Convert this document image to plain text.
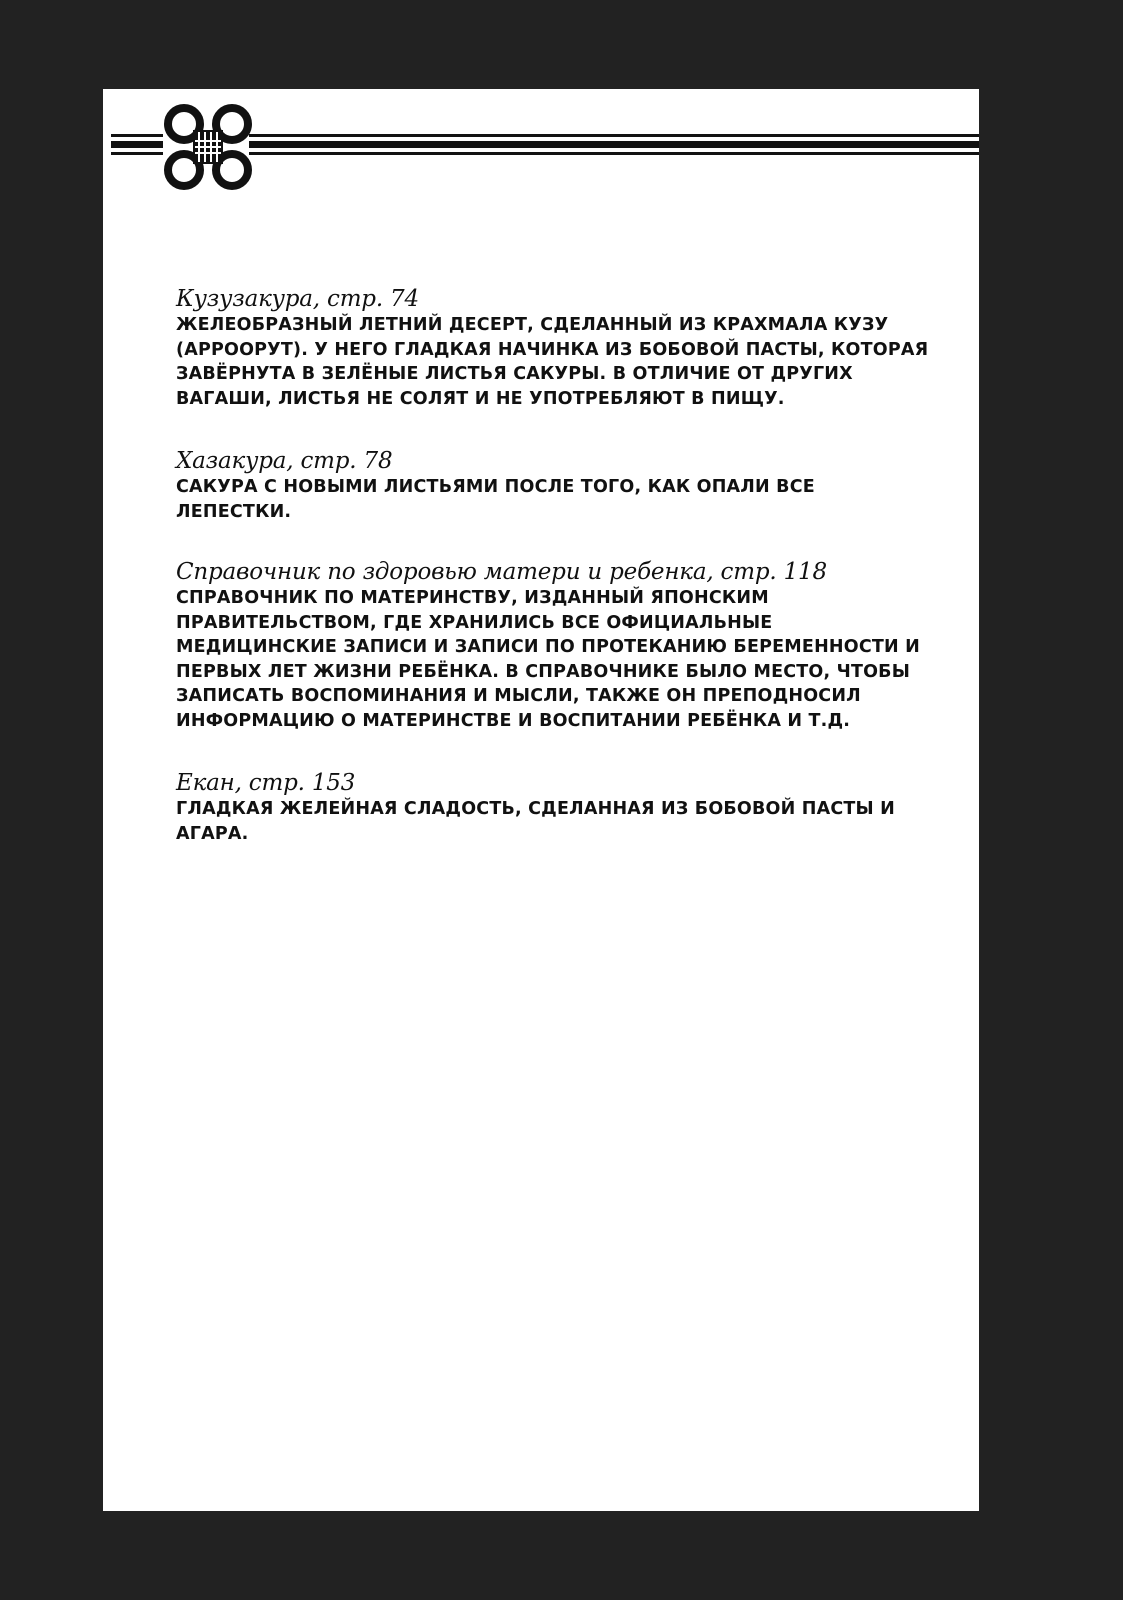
Кузузакура, стр. 74
ЖЕЛЕОБРАЗНЫЙ ЛЕТНИЙ ДЕСЕРТ, СДЕЛАННЫЙ ИЗ КРАХМАЛА КУЗУ (АРРООРУТ). У НЕГО ГЛАДКАЯ НАЧИНКА ИЗ БОБОВОЙ ПАСТЫ, КОТОРАЯ ЗАВЁРНУТА В ЗЕЛЁНЫЕ ЛИСТЬЯ САКУРЫ. В ОТЛИЧИЕ ОТ ДРУГИХ ВАГАШИ, ЛИСТЬЯ НЕ СОЛЯТ И НЕ УПОТРЕБЛЯЮТ В ПИЩУ.
Хазакура, стр. 78
САКУРА С НОВЫМИ ЛИСТЬЯМИ ПОСЛЕ ТОГО, КАК ОПАЛИ ВСЕ ЛЕПЕСТКИ.
Справочник по здоровью матери и ребенка, стр. 118
СПРАВОЧНИК ПО МАТЕРИНСТВУ, ИЗДАННЫЙ ЯПОНСКИМ ПРАВИТЕЛЬСТВОМ, ГДЕ ХРАНИЛИСЬ ВСЕ ОФИЦИАЛЬНЫЕ МЕДИЦИНСКИЕ ЗАПИСИ И ЗАПИСИ ПО ПРОТЕКАНИЮ БЕРЕМЕННОСТИ И ПЕРВЫХ ЛЕТ ЖИЗНИ РЕБЁНКА. В СПРАВОЧНИКЕ БЫЛО МЕСТО, ЧТОБЫ ЗАПИСАТЬ ВОСПОМИНАНИЯ И МЫСЛИ, ТАКЖЕ ОН ПРЕПОДНОСИЛ ИНФОРМАЦИЮ О МАТЕРИНСТВЕ И ВОСПИТАНИИ РЕБЁНКА И Т.Д.
Екан, стр. 153
ГЛАДКАЯ ЖЕЛЕЙНАЯ СЛАДОСТЬ, СДЕЛАННАЯ ИЗ БОБОВОЙ ПАСТЫ И АГАРА.
